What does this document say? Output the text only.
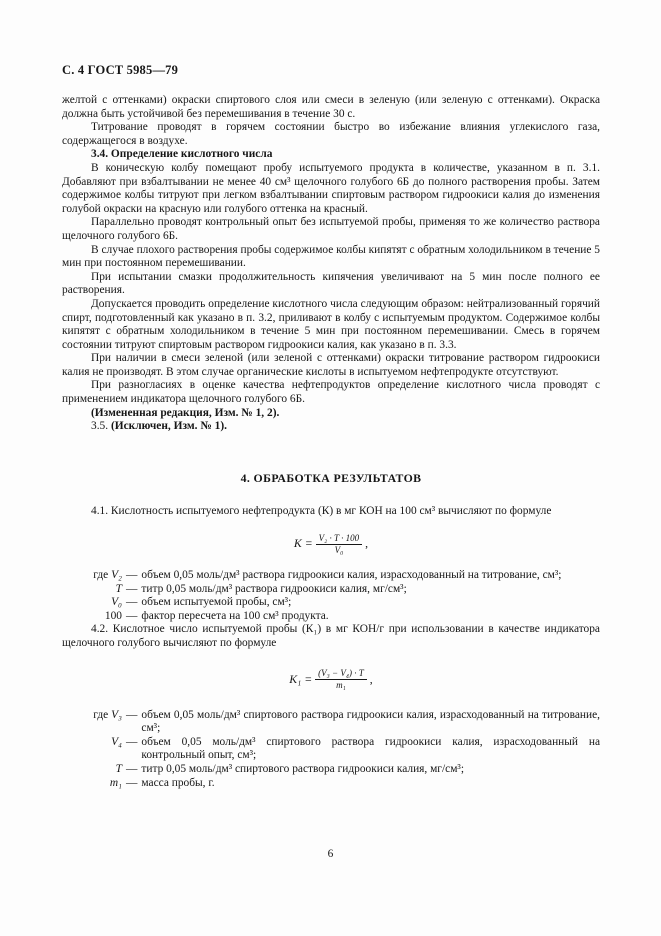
С. 4 ГОСТ 5985—79

желтой с оттенками) окраски спиртового слоя или смеси в зеленую (или зеленую с оттенками). Окраска должна быть устойчивой без перемешивания в течение 30 с.

Титрование проводят в горячем состоянии быстро во избежание влияния углекислого газа, содержащегося в воздухе.

3.4. Определение кислотного числа

В коническую колбу помещают пробу испытуемого продукта в количестве, указанном в п. 3.1. Добавляют при взбалтывании не менее 40 см³ щелочного голубого 6Б до полного растворения пробы. Затем содержимое колбы титруют при легком взбалтывании спиртовым раствором гидроокиси калия до изменения голубой окраски на красную или голубого оттенка на красный.

Параллельно проводят контрольный опыт без испытуемой пробы, применяя то же количество раствора щелочного голубого 6Б.

В случае плохого растворения пробы содержимое колбы кипятят с обратным холодильником в течение 5 мин при постоянном перемешивании.

При испытании смазки продолжительность кипячения увеличивают на 5 мин после полного ее растворения.

Допускается проводить определение кислотного числа следующим образом: нейтрализованный горячий спирт, подготовленный как указано в п. 3.2, приливают в колбу с испытуемым продуктом. Содержимое колбы кипятят с обратным холодильником в течение 5 мин при постоянном перемешивании. Смесь в горячем состоянии титруют спиртовым раствором гидроокиси калия, как указано в п. 3.3.

При наличии в смеси зеленой (или зеленой с оттенками) окраски титрование раствором гидроокиси калия не производят. В этом случае органические кислоты в испытуемом нефтепродукте отсутствуют.

При разногласиях в оценке качества нефтепродуктов определение кислотного числа проводят с применением индикатора щелочного голубого 6Б.

(Измененная редакция, Изм. № 1, 2).

3.5. (Исключен, Изм. № 1).

4. ОБРАБОТКА РЕЗУЛЬТАТОВ

4.1. Кислотность испытуемого нефтепродукта (К) в мг КОН на 100 см³ вычисляют по формуле

$K = \frac{\text{V₂ · T · 100}}{\text{V₀}}$ ,
где V₂ — объем 0,05 моль/дм³ раствора гидроокиси калия, израсходованный на титрование, см³;
T — титр 0,05 моль/дм³ раствора гидроокиси калия, мг/см³;
V₀ — объем испытуемой пробы, см³;
100 — фактор пересчета на 100 см³ продукта.

4.2. Кислотное число испытуемой пробы (К₁) в мг КОН/г при использовании в качестве индикатора щелочного голубого вычисляют по формуле

$K_1 = \frac{\text{(V₃ − V₄) · T}}{\text{m₁}}$ ,
где V₃ — объем 0,05 моль/дм³ спиртового раствора гидроокиси калия, израсходованный на титрование, см³;
V₄ — объем 0,05 моль/дм³ спиртового раствора гидроокиси калия, израсходованный на контрольный опыт, см³;
T — титр 0,05 моль/дм³ спиртового раствора гидроокиси калия, мг/см³;
m₁ — масса пробы, г.
6
